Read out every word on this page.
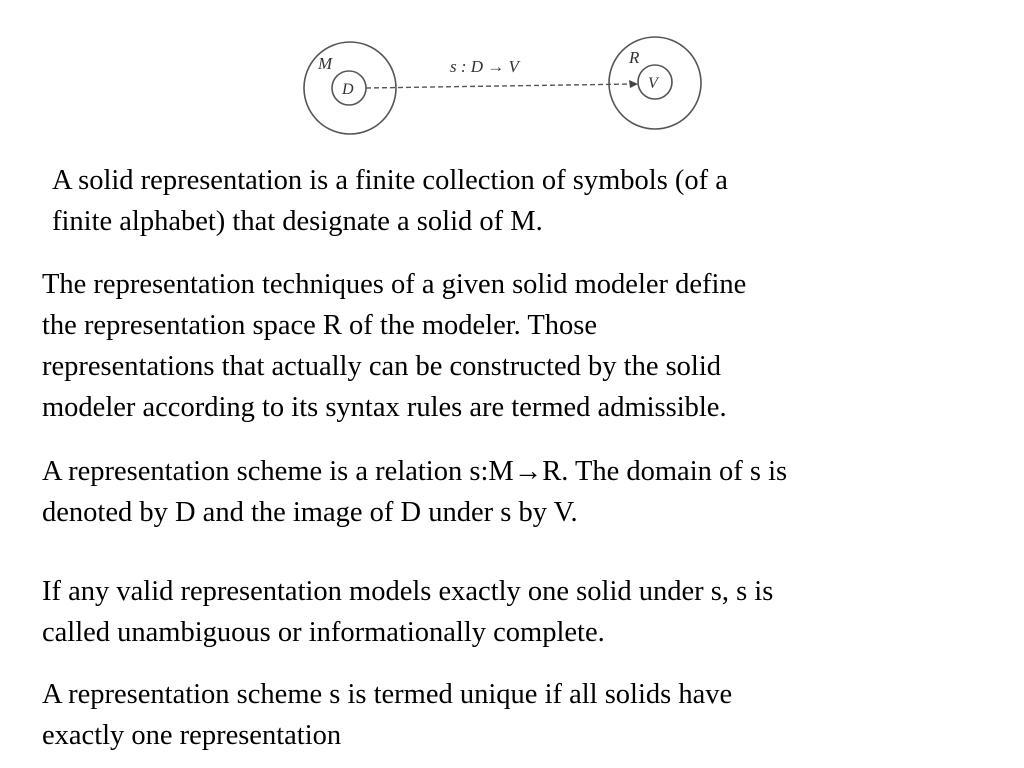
M
D
s : D → V	R
V

A solid representation is a finite collection of symbols (of a
finite alphabet) that designate a solid of M.

The representation techniques of a given solid modeler define
the representation space R of the modeler. Those
representations that actually can be constructed by the solid
modeler according to its syntax rules are termed admissible.

A representation scheme is a relation s:M→R. The domain of s is
denoted by D and the image of D under s by V.

If any valid representation models exactly one solid under s, s is
called unambiguous or informationally complete.

A representation scheme s is termed unique if all solids have
exactly one representation
